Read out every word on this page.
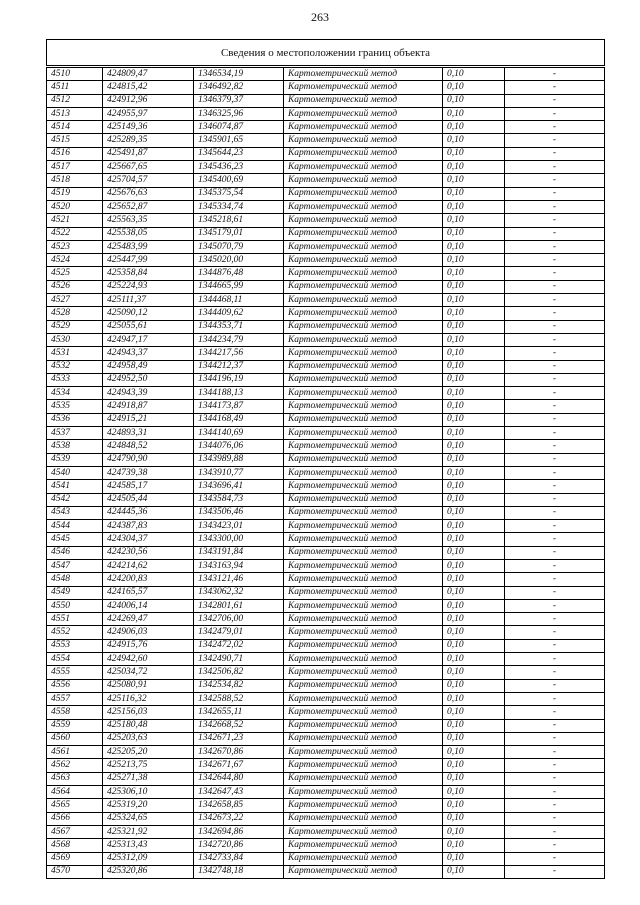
263
Сведения о местоположении границ объекта
4510	424809,47	1346534,19	Картометрический метод	0,10	-
4511	424815,42	1346492,82	Картометрический метод	0,10	-
4512	424912,96	1346379,37	Картометрический метод	0,10	-
4513	424955,97	1346325,96	Картометрический метод	0,10	-
4514	425149,36	1346074,87	Картометрический метод	0,10	-
4515	425289,35	1345901,65	Картометрический метод	0,10	-
4516	425491,87	1345644,23	Картометрический метод	0,10	-
4517	425667,65	1345436,23	Картометрический метод	0,10	-
4518	425704,57	1345400,69	Картометрический метод	0,10	-
4519	425676,63	1345375,54	Картометрический метод	0,10	-
4520	425652,87	1345334,74	Картометрический метод	0,10	-
4521	425563,35	1345218,61	Картометрический метод	0,10	-
4522	425538,05	1345179,01	Картометрический метод	0,10	-
4523	425483,99	1345070,79	Картометрический метод	0,10	-
4524	425447,99	1345020,00	Картометрический метод	0,10	-
4525	425358,84	1344876,48	Картометрический метод	0,10	-
4526	425224,93	1344665,99	Картометрический метод	0,10	-
4527	425111,37	1344468,11	Картометрический метод	0,10	-
4528	425090,12	1344409,62	Картометрический метод	0,10	-
4529	425055,61	1344353,71	Картометрический метод	0,10	-
4530	424947,17	1344234,79	Картометрический метод	0,10	-
4531	424943,37	1344217,56	Картометрический метод	0,10	-
4532	424958,49	1344212,37	Картометрический метод	0,10	-
4533	424952,50	1344196,19	Картометрический метод	0,10	-
4534	424943,39	1344188,13	Картометрический метод	0,10	-
4535	424918,87	1344173,87	Картометрический метод	0,10	-
4536	424915,21	1344168,49	Картометрический метод	0,10	-
4537	424893,31	1344140,69	Картометрический метод	0,10	-
4538	424848,52	1344076,06	Картометрический метод	0,10	-
4539	424790,90	1343989,88	Картометрический метод	0,10	-
4540	424739,38	1343910,77	Картометрический метод	0,10	-
4541	424585,17	1343696,41	Картометрический метод	0,10	-
4542	424505,44	1343584,73	Картометрический метод	0,10	-
4543	424445,36	1343506,46	Картометрический метод	0,10	-
4544	424387,83	1343423,01	Картометрический метод	0,10	-
4545	424304,37	1343300,00	Картометрический метод	0,10	-
4546	424230,56	1343191,84	Картометрический метод	0,10	-
4547	424214,62	1343163,94	Картометрический метод	0,10	-
4548	424200,83	1343121,46	Картометрический метод	0,10	-
4549	424165,57	1343062,32	Картометрический метод	0,10	-
4550	424006,14	1342801,61	Картометрический метод	0,10	-
4551	424269,47	1342706,00	Картометрический метод	0,10	-
4552	424906,03	1342479,01	Картометрический метод	0,10	-
4553	424915,76	1342472,02	Картометрический метод	0,10	-
4554	424942,60	1342490,71	Картометрический метод	0,10	-
4555	425034,72	1342506,82	Картометрический метод	0,10	-
4556	425080,91	1342534,82	Картометрический метод	0,10	-
4557	425116,32	1342588,52	Картометрический метод	0,10	-
4558	425156,03	1342655,11	Картометрический метод	0,10	-
4559	425180,48	1342668,52	Картометрический метод	0,10	-
4560	425203,63	1342671,23	Картометрический метод	0,10	-
4561	425205,20	1342670,86	Картометрический метод	0,10	-
4562	425213,75	1342671,67	Картометрический метод	0,10	-
4563	425271,38	1342644,80	Картометрический метод	0,10	-
4564	425306,10	1342647,43	Картометрический метод	0,10	-
4565	425319,20	1342658,85	Картометрический метод	0,10	-
4566	425324,65	1342673,22	Картометрический метод	0,10	-
4567	425321,92	1342694,86	Картометрический метод	0,10	-
4568	425313,43	1342720,86	Картометрический метод	0,10	-
4569	425312,09	1342733,84	Картометрический метод	0,10	-
4570	425320,86	1342748,18	Картометрический метод	0,10	-
